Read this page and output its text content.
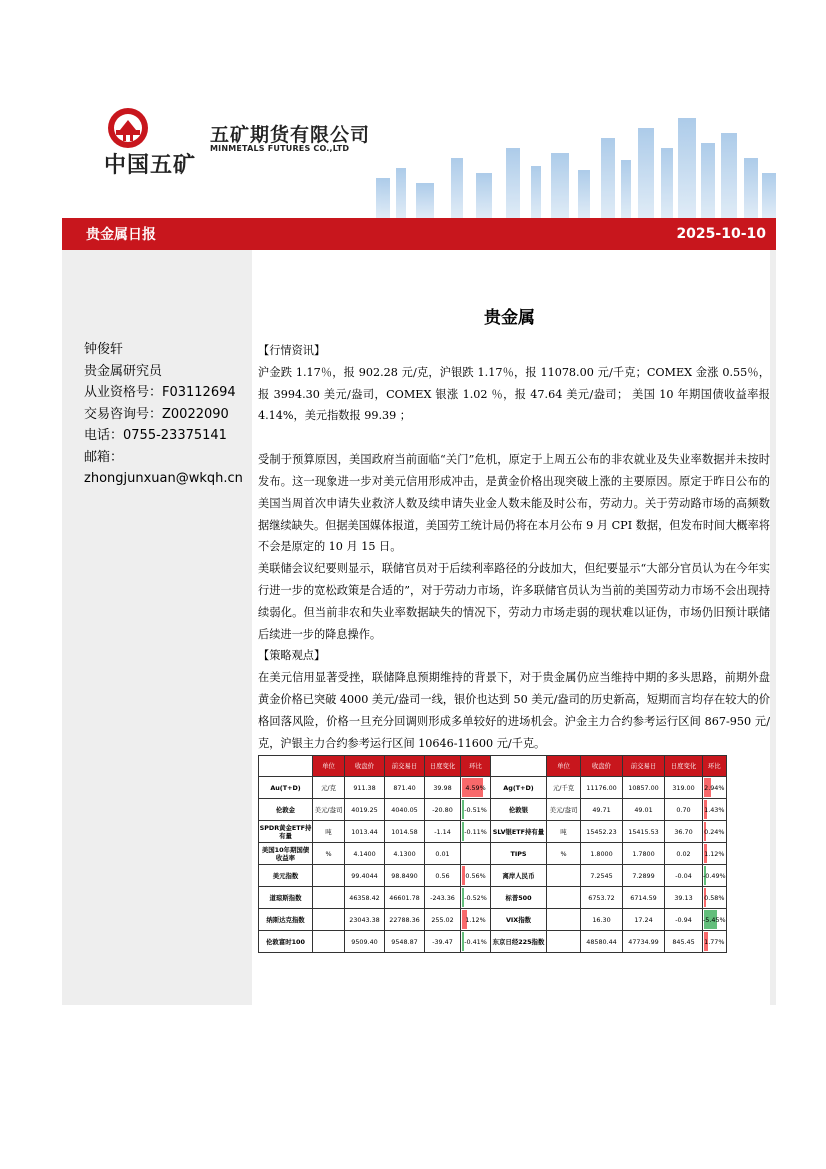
中国五矿
五矿期货有限公司
MINMETALS FUTURES CO.,LTD
贵金属日报	2025-10-10
钟俊轩
贵金属研究员
从业资格号：F03112694
交易咨询号：Z0022090
电话：0755-23375141
邮箱：
zhongjunxuan@wkqh.cn
贵金属

【行情资讯】

沪金跌 1.17％，报 902.28 元/克，沪银跌 1.17％，报 11078.00 元/千克；COMEX 金涨 0.55％，报 3994.30 美元/盎司，COMEX 银涨 1.02 ％，报 47.64 美元/盎司； 美国 10 年期国债收益率报 4.14%，美元指数报 99.39 ；

受制于预算原因，美国政府当前面临“关门”危机，原定于上周五公布的非农就业及失业率数据并未按时发布。这一现象进一步对美元信用形成冲击，是黄金价格出现突破上涨的主要原因。原定于昨日公布的美国当周首次申请失业救济人数及续申请失业金人数未能及时公布，劳动力。关于劳动路市场的高频数据继续缺失。但据美国媒体报道，美国劳工统计局仍将在本月公布 9 月 CPI 数据，但发布时间大概率将不会是原定的 10 月 15 日。

美联储会议纪要则显示，联储官员对于后续利率路径的分歧加大，但纪要显示“大部分官员认为在今年实行进一步的宽松政策是合适的”，对于劳动力市场，许多联储官员认为当前的美国劳动力市场不会出现持续弱化。但当前非农和失业率数据缺失的情况下，劳动力市场走弱的现状难以证伪，市场仍旧预计联储后续进一步的降息操作。

【策略观点】

在美元信用显著受挫，联储降息预期维持的背景下，对于贵金属仍应当维持中期的多头思路，前期外盘黄金价格已突破 4000 美元/盎司一线，银价也达到 50 美元/盎司的历史新高，短期而言均存在较大的价格回落风险，价格一旦充分回调则形成多单较好的进场机会。沪金主力合约参考运行区间 867-950 元/克，沪银主力合约参考运行区间 10646-11600 元/千克。

	单位	收盘价	前交易日	日度变化	环比		单位	收盘价	前交易日	日度变化	环比
Au(T+D)	元/克	911.38	871.40	39.98	4.59%	Ag(T+D)	元/千克	11176.00	10857.00	319.00	2.94%
伦敦金	美元/盎司	4019.25	4040.05	-20.80	-0.51%	伦敦银	美元/盎司	49.71	49.01	0.70	1.43%
SPDR黄金ETF持有量	吨	1013.44	1014.58	-1.14	-0.11%	SLV银ETF持有量	吨	15452.23	15415.53	36.70	0.24%
美国10年期国债收益率	%	4.1400	4.1300	0.01		TIPS	%	1.8000	1.7800	0.02	1.12%
美元指数		99.4044	98.8490	0.56	0.56%	离岸人民币		7.2545	7.2899	-0.04	-0.49%
道琼斯指数		46358.42	46601.78	-243.36	-0.52%	标普500		6753.72	6714.59	39.13	0.58%
纳斯达克指数		23043.38	22788.36	255.02	1.12%	VIX指数		16.30	17.24	-0.94	-5.45%
伦敦富时100		9509.40	9548.87	-39.47	-0.41%	东京日经225指数		48580.44	47734.99	845.45	1.77%
